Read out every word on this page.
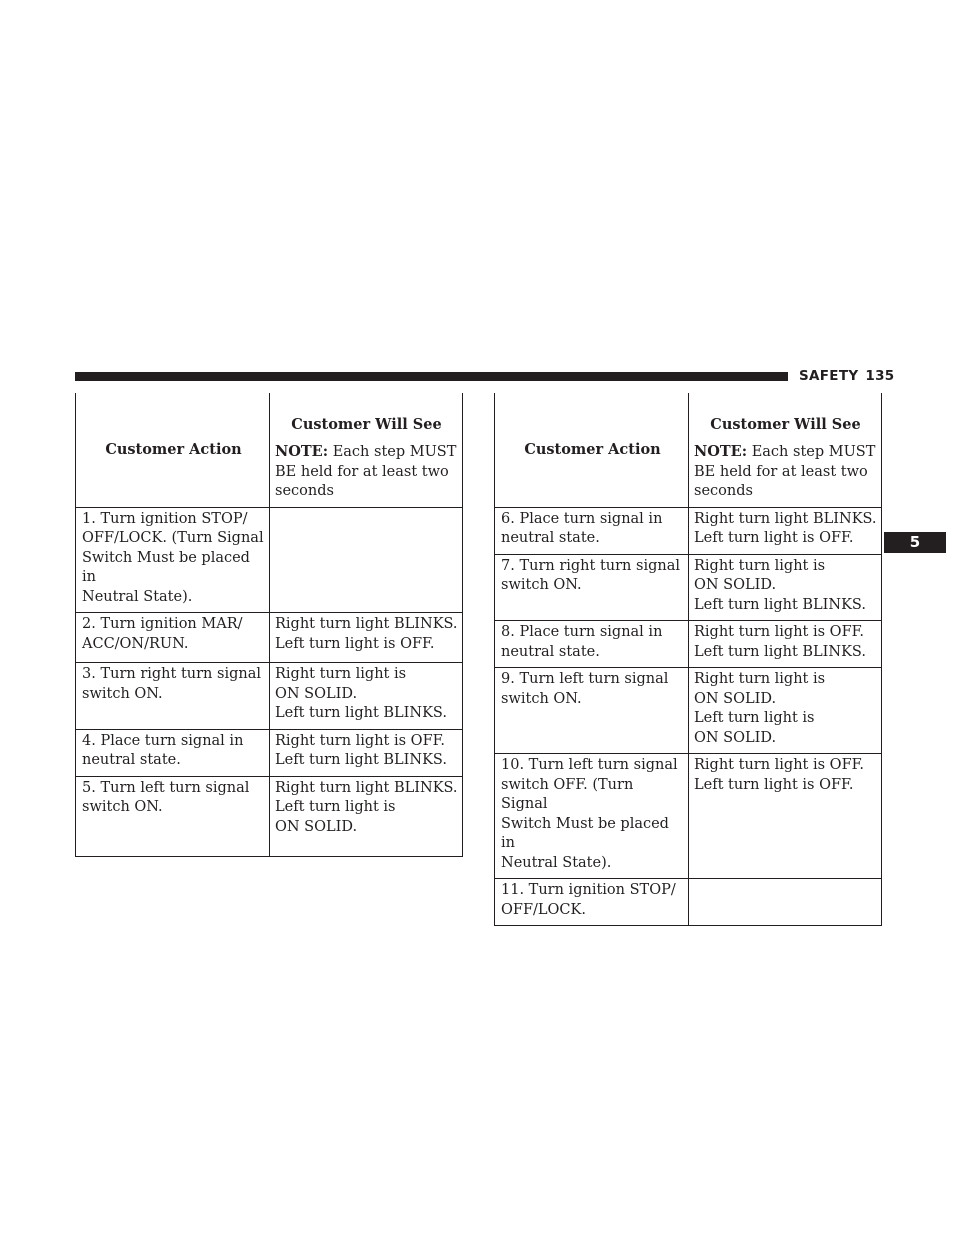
SAFETY 135
5
Customer Action	Customer Will See
NOTE: Each step MUST
BE held for at least two
seconds

1. Turn ignition STOP/
OFF/LOCK. (Turn Signal
Switch Must be placed in
Neutral State).	
2. Turn ignition MAR/
ACC/ON/RUN.	Right turn light BLINKS.
Left turn light is OFF.
3. Turn right turn signal
switch ON.	Right turn light is
ON SOLID.
Left turn light BLINKS.
4. Place turn signal in
neutral state.	Right turn light is OFF.
Left turn light BLINKS.
5. Turn left turn signal
switch ON.	Right turn light BLINKS.
Left turn light is
ON SOLID.
Customer Action	Customer Will See
NOTE: Each step MUST
BE held for at least two
seconds

6. Place turn signal in
neutral state.	Right turn light BLINKS.
Left turn light is OFF.
7. Turn right turn signal
switch ON.	Right turn light is
ON SOLID.
Left turn light BLINKS.
8. Place turn signal in
neutral state.	Right turn light is OFF.
Left turn light BLINKS.
9. Turn left turn signal
switch ON.	Right turn light is
ON SOLID.
Left turn light is
ON SOLID.
10. Turn left turn signal
switch OFF. (Turn Signal
Switch Must be placed in
Neutral State).	Right turn light is OFF.
Left turn light is OFF.
11. Turn ignition STOP/
OFF/LOCK.	
